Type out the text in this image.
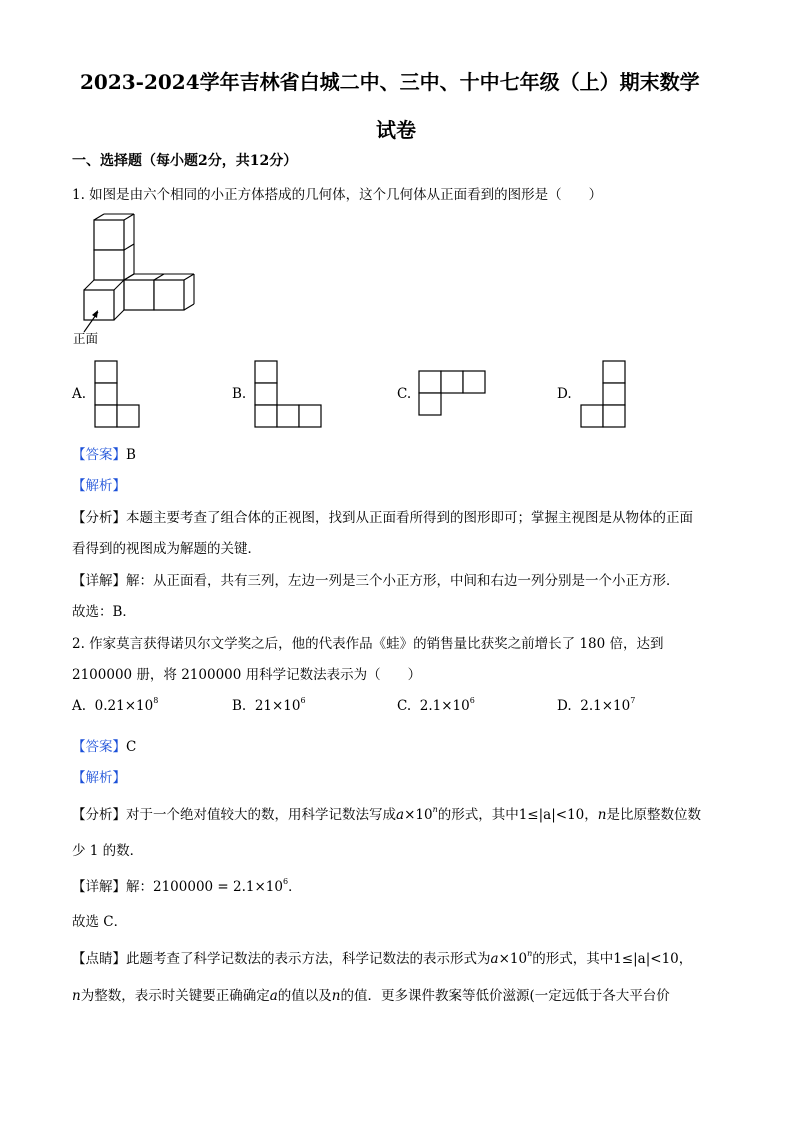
2023-2024学年吉林省白城二中、三中、十中七年级（上）期末数学
试卷
一、选择题（每小题2分，共12分）
1. 如图是由六个相同的小正方体搭成的几何体，这个几何体从正面看到的图形是（　　）
正面
A.	B.	C.	D.
【答案】B
【解析】
【分析】本题主要考查了组合体的正视图，找到从正面看所得到的图形即可；掌握主视图是从物体的正面
看得到的视图成为解题的关键．
【详解】解：从正面看，共有三列，左边一列是三个小正方形，中间和右边一列分别是一个小正方形．
故选：B．
2. 作家莫言获得诺贝尔文学奖之后，他的代表作品《蛙》的销售量比获奖之前增长了 180 倍，达到
2100000 册，将 2100000 用科学记数法表示为（　　）
A. $0.21\times 10^8$	B. $21\times 10^6$	C. $2.1\times 10^6$	D. $2.1\times 10^7$
【答案】C
【解析】
【分析】对于一个绝对值较大的数，用科学记数法写成$a\times 10^n$的形式，其中1≤|a|<10，n是比原整数位数
少 1 的数．
【详解】解：$2100000 = 2.1\times 10^6$．
故选 C．
【点睛】此题考查了科学记数法的表示方法，科学记数法的表示形式为$a\times 10^n$的形式，其中1≤|a|<10，
n为整数，表示时关键要正确确定a的值以及n的值．更多课件教案等低价滋源(一定远低于各大平台价
